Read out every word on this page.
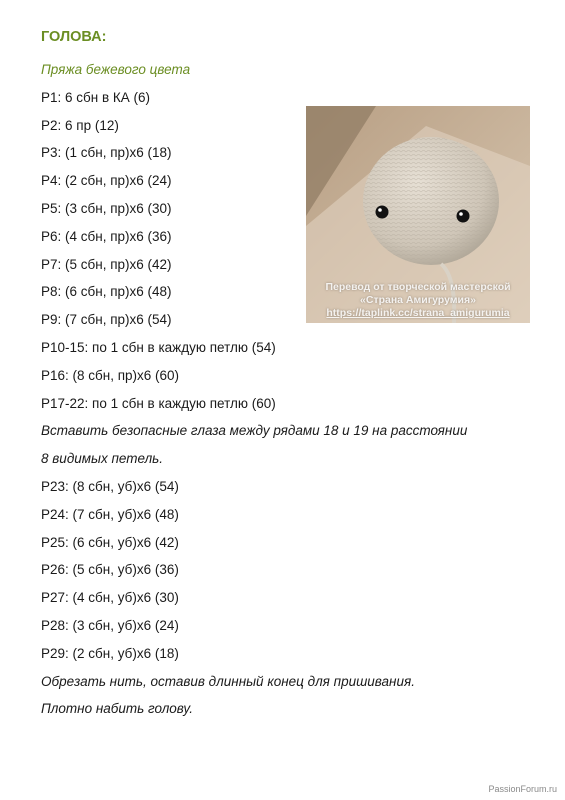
ГОЛОВА:
Пряжа бежевого цвета
Р1: 6 сбн в КА (6)
Р2: 6 пр (12)
Р3: (1 сбн, пр)х6 (18)
Р4: (2 сбн, пр)х6 (24)
Р5: (3 сбн, пр)х6 (30)
Р6: (4 сбн, пр)х6 (36)
Р7: (5 сбн, пр)х6 (42)
Р8: (6 сбн, пр)х6 (48)
Р9: (7 сбн, пр)х6 (54)
Р10-15: по 1 сбн в каждую петлю (54)
Р16: (8 сбн, пр)х6 (60)
Р17-22: по 1 сбн в каждую петлю (60)
Вставить безопасные глаза между рядами 18 и 19 на расстоянии
8 видимых петель.
Р23: (8 сбн, уб)х6 (54)
Р24: (7 сбн, уб)х6 (48)
Р25: (6 сбн, уб)х6 (42)
Р26: (5 сбн, уб)х6 (36)
Р27: (4 сбн, уб)х6 (30)
Р28: (3 сбн, уб)х6 (24)
Р29: (2 сбн, уб)х6 (18)
Обрезать нить, оставив длинный конец для пришивания.
Плотно набить голову.
Перевод от творческой мастерской
«Страна Амигурумия»
https://taplink.cc/strana_amigurumia
PassionForum.ru
